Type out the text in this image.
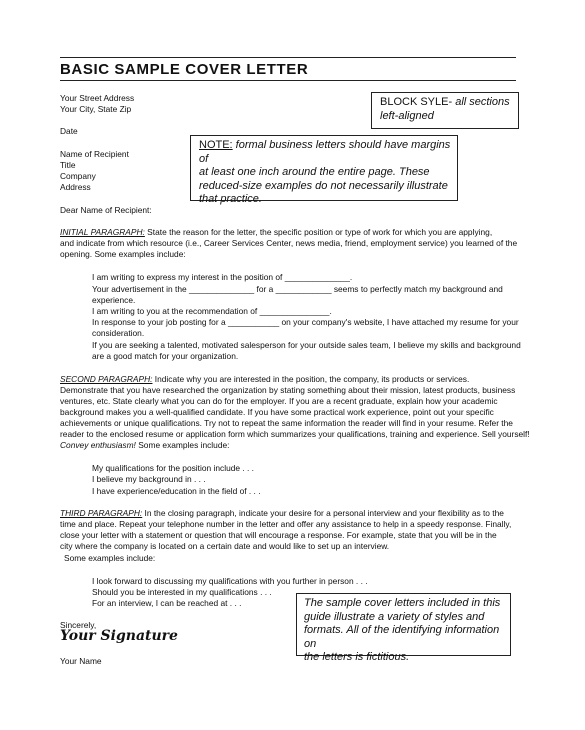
BASIC SAMPLE COVER LETTER
Your Street Address
Your City, State Zip
Date
Name of Recipient
Title
Company
Address
Dear Name of Recipient:
BLOCK SYLE- all sections
left-aligned
NOTE: formal business letters should have margins of
at least one inch around the entire page. These
reduced-size examples do not necessarily illustrate
that practice.
INITIAL PARAGRAPH: State the reason for the letter, the specific position or type of work for which you are applying,
and indicate from which resource (i.e., Career Services Center, news media, friend, employment service) you learned of the
opening. Some examples include:
I am writing to express my interest in the position of ______________.
Your advertisement in the ______________ for a ____________ seems to perfectly match my background and
experience.
I am writing to you at the recommendation of _______________.
In response to your job posting for a ___________ on your company's website, I have attached my resume for your
consideration.
If you are seeking a talented, motivated salesperson for your outside sales team, I believe my skills and background
are a good match for your organization.
SECOND PARAGRAPH: Indicate why you are interested in the position, the company, its products or services.
Demonstrate that you have researched the organization by stating something about their mission, latest products, business
ventures, etc. State clearly what you can do for the employer. If you are a recent graduate, explain how your academic
background makes you a well-qualified candidate. If you have some practical work experience, point out your specific
achievements or unique qualifications. Try not to repeat the same information the reader will find in your resume. Refer the
reader to the enclosed resume or application form which summarizes your qualifications, training and experience. Sell yourself!
Convey enthusiasm! Some examples include:
My qualifications for the position include . . .
I believe my background in . . .
I have experience/education in the field of . . .
THIRD PARAGRAPH: In the closing paragraph, indicate your desire for a personal interview and your flexibility as to the
time and place. Repeat your telephone number in the letter and offer any assistance to help in a speedy response. Finally,
close your letter with a statement or question that will encourage a response. For example, state that you will be in the
city where the company is located on a certain date and would like to set up an interview.
Some examples include:
I look forward to discussing my qualifications with you further in person . . .
Should you be interested in my qualifications . . .
For an interview, I can be reached at . . .	The sample cover letters included in this
guide illustrate a variety of styles and
formats. All of the identifying information on
the letters is fictitious.
Sincerely,
Your Signature
Your Name
